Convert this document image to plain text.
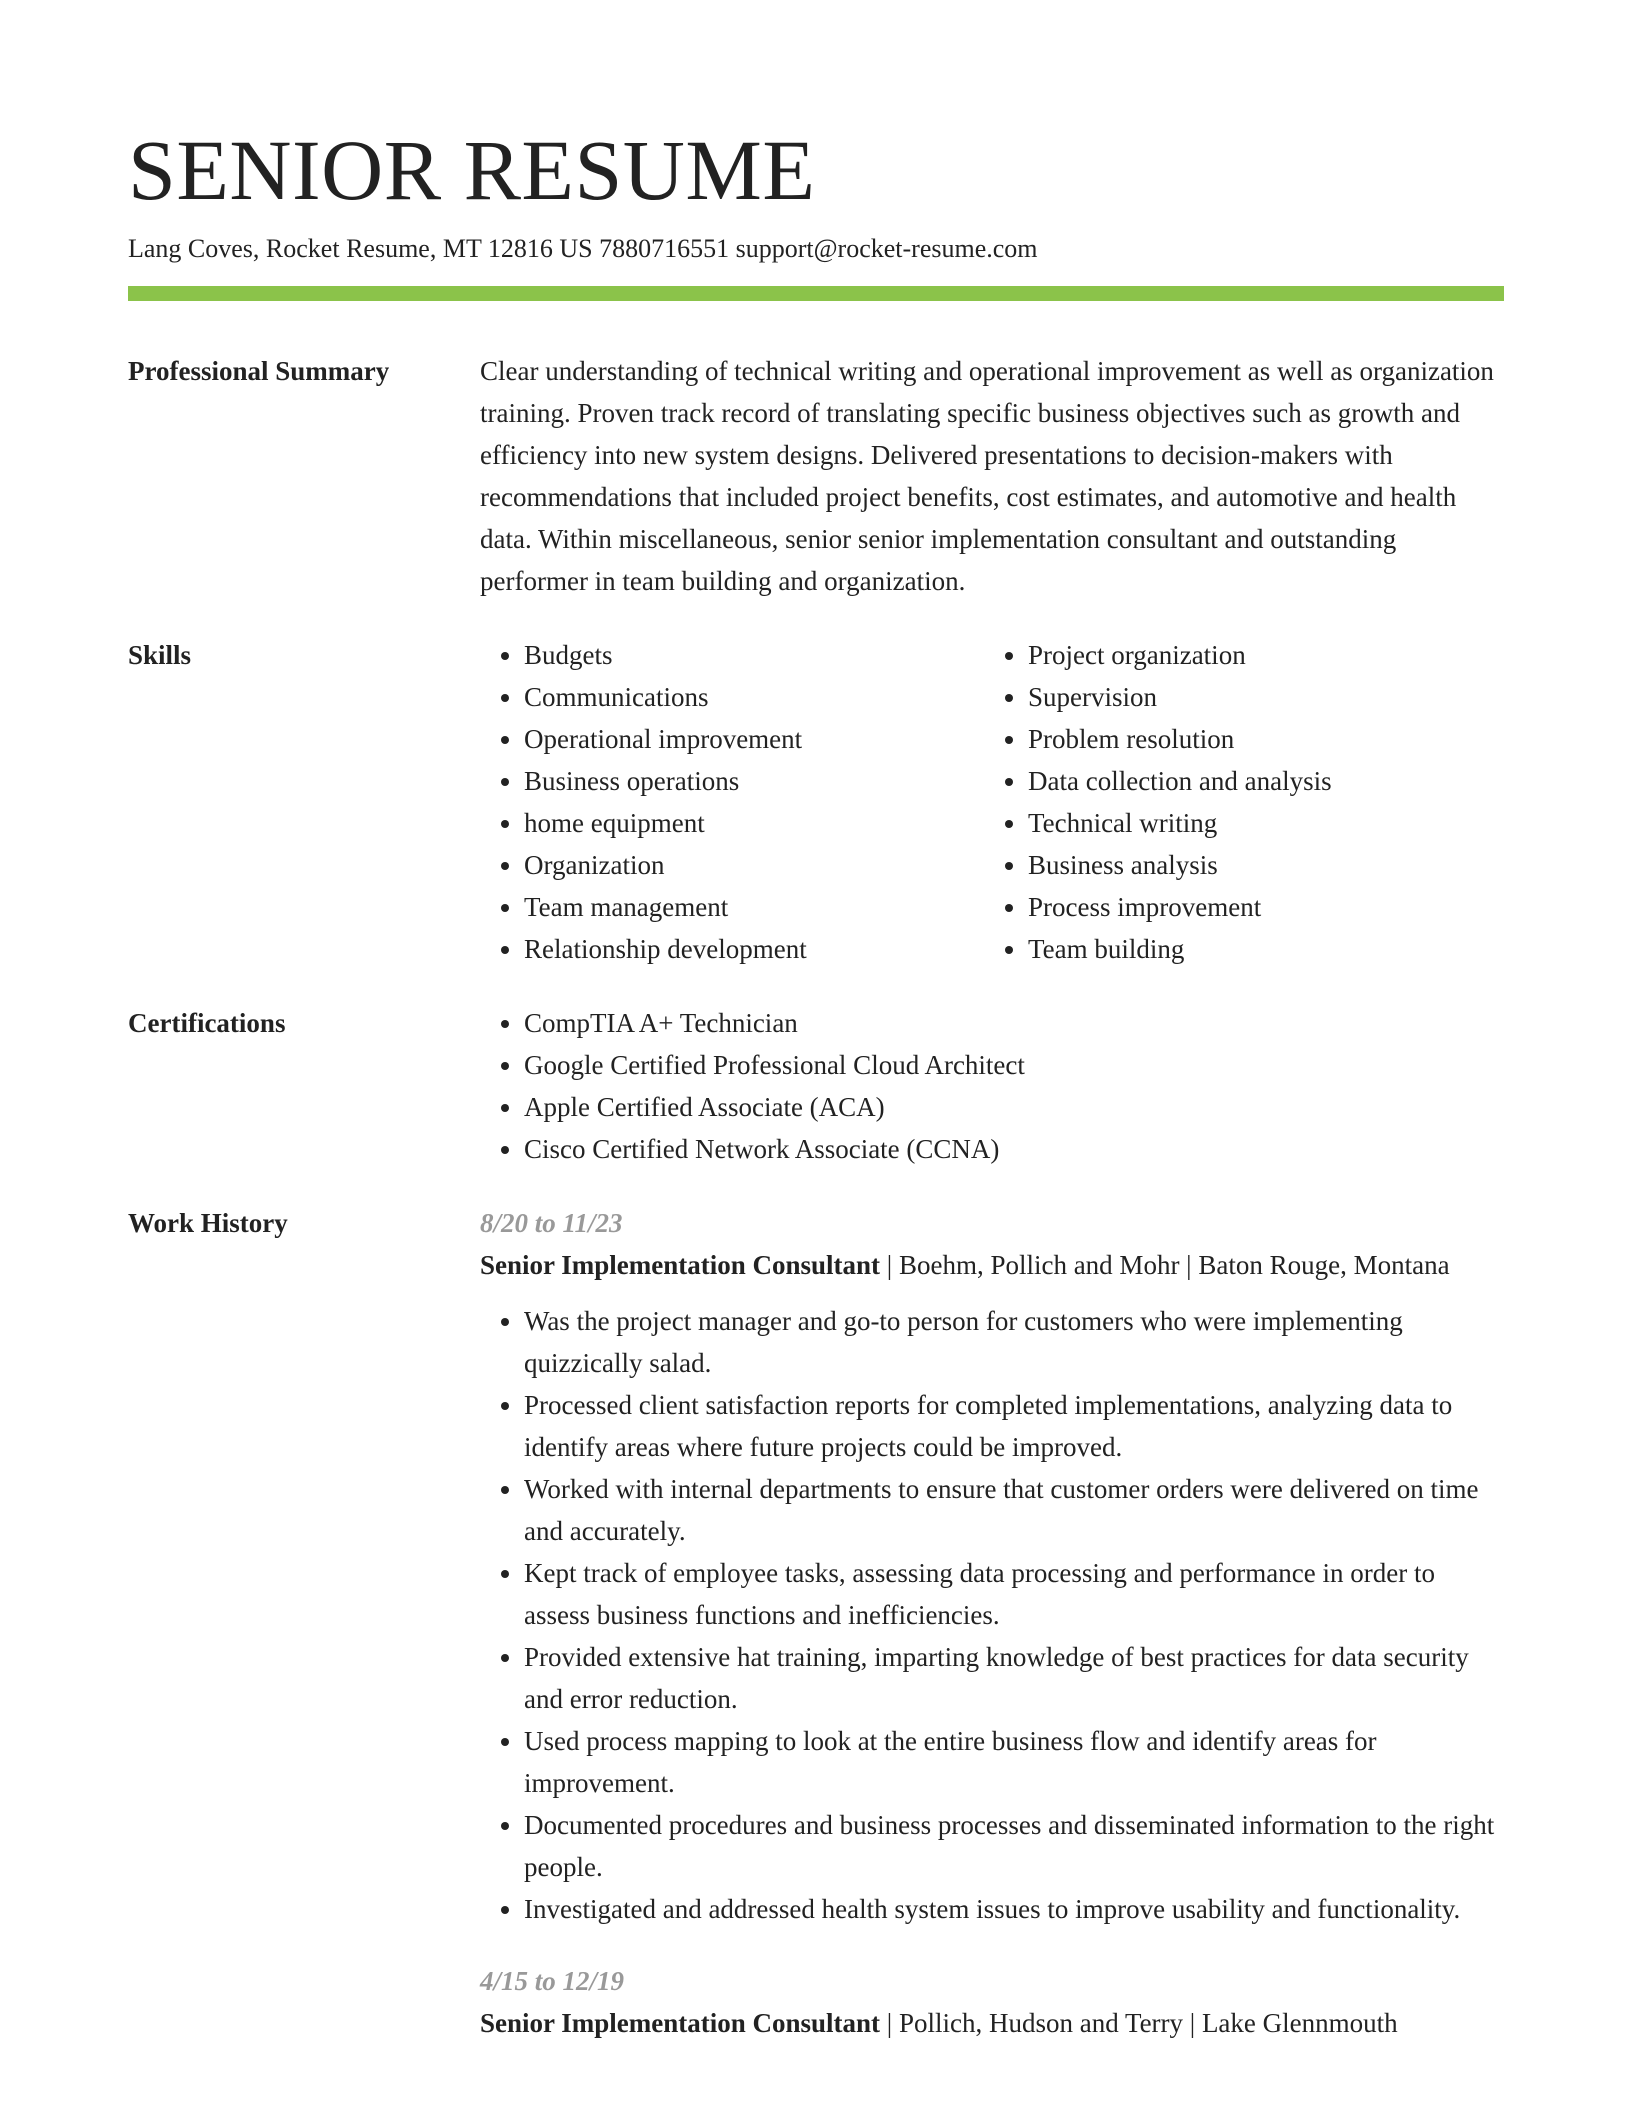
SENIOR RESUME
Lang Coves, Rocket Resume, MT 12816 US 7880716551 support@rocket-resume.com
Professional Summary	Clear understanding of technical writing and operational improvement as well as organization training. Proven track record of translating specific business objectives such as growth and efficiency into new system designs. Delivered presentations to decision-makers with recommendations that included project benefits, cost estimates, and automotive and health data. Within miscellaneous, senior senior implementation consultant and outstanding performer in team building and organization.

Skills	• Budgets
• Communications
• Operational improvement
• Business operations
• home equipment
• Organization
• Team management
• Relationship development
• Project organization
• Supervision
• Problem resolution
• Data collection and analysis
• Technical writing
• Business analysis
• Process improvement
• Team building
Certifications	• CompTIA A+ Technician
• Google Certified Professional Cloud Architect
• Apple Certified Associate (ACA)
• Cisco Certified Network Associate (CCNA)
Work History	8/20 to 11/23
Senior Implementation Consultant | Boehm, Pollich and Mohr | Baton Rouge, Montana
• Was the project manager and go-to person for customers who were implementing quizzically salad.
• Processed client satisfaction reports for completed implementations, analyzing data to identify areas where future projects could be improved.
• Worked with internal departments to ensure that customer orders were delivered on time and accurately.
• Kept track of employee tasks, assessing data processing and performance in order to assess business functions and inefficiencies.
• Provided extensive hat training, imparting knowledge of best practices for data security and error reduction.
• Used process mapping to look at the entire business flow and identify areas for improvement.
• Documented procedures and business processes and disseminated information to the right people.
• Investigated and addressed health system issues to improve usability and functionality.
4/15 to 12/19
Senior Implementation Consultant | Pollich, Hudson and Terry | Lake Glennmouth
